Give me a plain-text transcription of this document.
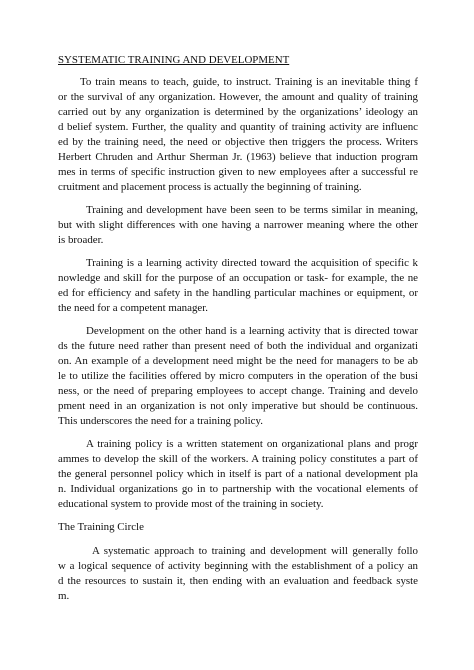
SYSTEMATIC TRAINING AND DEVELOPMENT
To train means to teach, guide, to instruct. Training is an inevitable thing f
or the survival of any organization. However, the amount and quality of training
carried out by any organization is determined by the organizations’ ideology an
d belief system. Further, the quality and quantity of training activity are influenc
ed by the training need, the need or objective then triggers the process. Writers
Herbert Chruden and Arthur Sherman Jr. (1963) believe that induction program
mes in terms of specific instruction given to new employees after a successful re
cruitment and placement process is actually the beginning of training.
Training and development have been seen to be terms similar in meaning,
but with slight differences with one having a narrower meaning where the other
is broader.
Training is a learning activity directed toward the acquisition of specific k
nowledge and skill for the purpose of an occupation or task- for example, the ne
ed for efficiency and safety in the handling particular machines or equipment, or
the need for a competent manager.
Development on the other hand is a learning activity that is directed towar
ds the future need rather than present need of both the individual and organizati
on. An example of a development need might be the need for managers to be ab
le to utilize the facilities offered by micro computers in the operation of the busi
ness, or the need of preparing employees to accept change. Training and develo
pment need in an organization is not only imperative but should be continuous.
This underscores the need for a training policy.
A training policy is a written statement on organizational plans and progr
ammes to develop the skill of the workers. A training policy constitutes a part of
the general personnel policy which in itself is part of a national development pla
n. Individual organizations go in to partnership with the vocational elements of
educational system to provide most of the training in society.
The Training Circle
A systematic approach to training and development will generally follo
w a logical sequence of activity beginning with the establishment of a policy an
d the resources to sustain it, then ending with an evaluation and feedback syste
m.
